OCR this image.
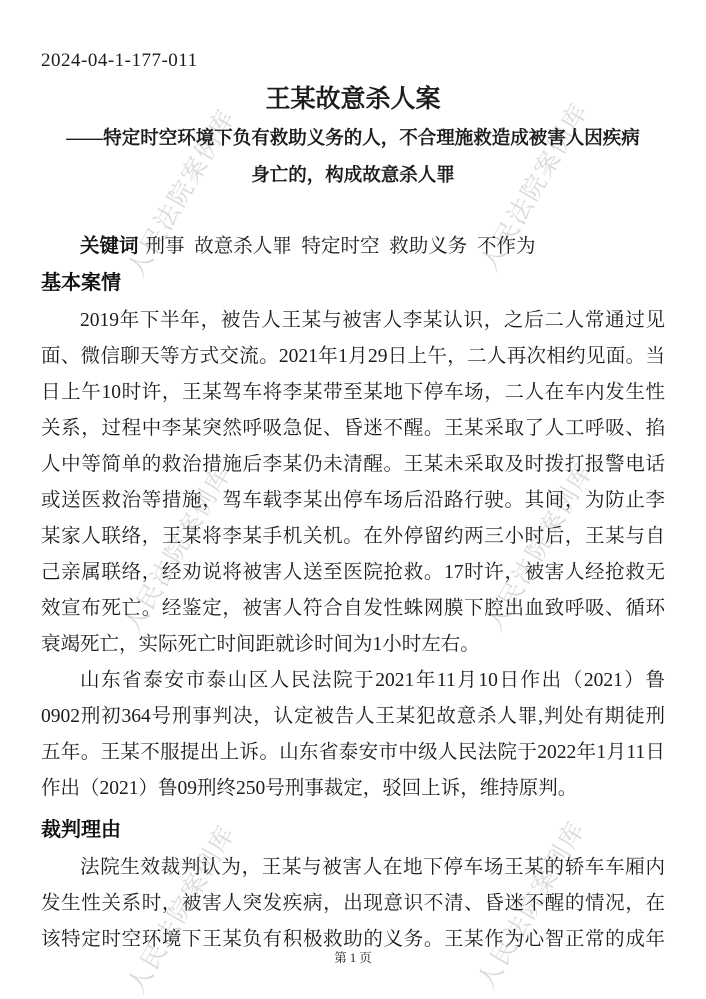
人民法院案例库	人民法院案例库
人民法院案例库	人民法院案例库
人民法院案例库	人民法院案例库
2024-04-1-177-011
王某故意杀人案
——特定时空环境下负有救助义务的人，不合理施救造成被害人因疾病
身亡的，构成故意杀人罪
关键词 刑事  故意杀人罪  特定时空  救助义务  不作为
基本案情
2019年下半年，被告人王某与被害人李某认识，之后二人常通过见
面、微信聊天等方式交流。2021年1月29日上午，二人再次相约见面。当
日上午10时许，王某驾车将李某带至某地下停车场，二人在车内发生性
关系，过程中李某突然呼吸急促、昏迷不醒。王某采取了人工呼吸、掐
人中等简单的救治措施后李某仍未清醒。王某未采取及时拨打报警电话
或送医救治等措施，驾车载李某出停车场后沿路行驶。其间，为防止李
某家人联络，王某将李某手机关机。在外停留约两三小时后，王某与自
己亲属联络，经劝说将被害人送至医院抢救。17时许，被害人经抢救无
效宣布死亡。经鉴定，被害人符合自发性蛛网膜下腔出血致呼吸、循环
衰竭死亡，实际死亡时间距就诊时间为1小时左右。
山东省泰安市泰山区人民法院于2021年11月10日作出（2021）鲁
0902刑初364号刑事判决，认定被告人王某犯故意杀人罪,判处有期徒刑
五年。王某不服提出上诉。山东省泰安市中级人民法院于2022年1月11日
作出（2021）鲁09刑终250号刑事裁定，驳回上诉，维持原判。
裁判理由
法院生效裁判认为，王某与被害人在地下停车场王某的轿车车厢内
发生性关系时，被害人突发疾病，出现意识不清、昏迷不醒的情况，在
该特定时空环境下王某负有积极救助的义务。王某作为心智正常的成年
第 1 页
